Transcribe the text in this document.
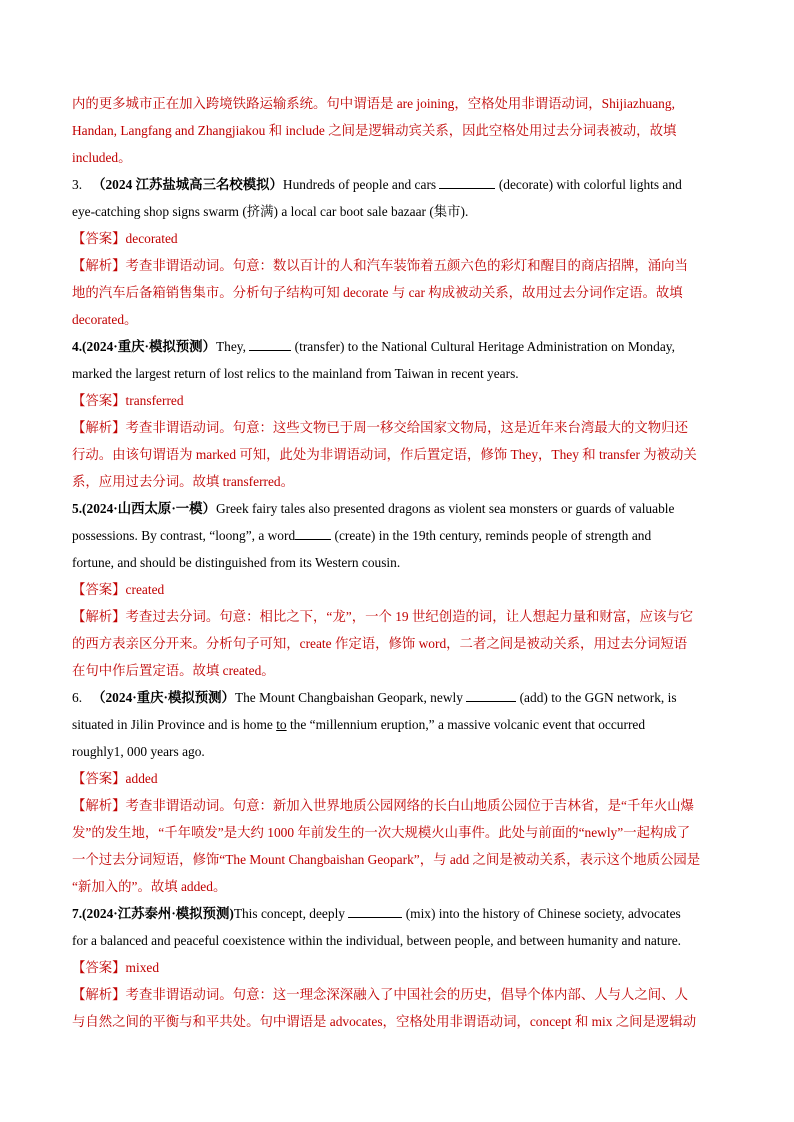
内的更多城市正在加入跨境铁路运输系统。句中谓语是 are joining，空格处用非谓语动词，Shijiazhuang,

Handan, Langfang and Zhangjiakou 和 include 之间是逻辑动宾关系，因此空格处用过去分词表被动，故填

included。

3. （2024 江苏盐城高三名校模拟）Hundreds of people and cars	(decorate) with colorful lights and

eye-catching shop signs swarm (挤满) a local car boot sale bazaar (集市).

【答案】decorated

【解析】考查非谓语动词。句意：数以百计的人和汽车装饰着五颜六色的彩灯和醒目的商店招牌，涌向当

地的汽车后备箱销售集市。分析句子结构可知 decorate 与 car 构成被动关系，故用过去分词作定语。故填

decorated。

4.(2024·重庆·模拟预测）They,	(transfer) to the National Cultural Heritage Administration on Monday,

marked the largest return of lost relics to the mainland from Taiwan in recent years.

【答案】transferred

【解析】考查非谓语动词。句意：这些文物已于周一移交给国家文物局，这是近年来台湾最大的文物归还

行动。由该句谓语为 marked 可知，此处为非谓语动词，作后置定语，修饰 They，They 和 transfer 为被动关

系，应用过去分词。故填 transferred。

5.(2024·山西太原·一模）Greek fairy tales also presented dragons as violent sea monsters or guards of valuable

possessions. By contrast, “loong”, a word	(create) in the 19th century, reminds people of strength and

fortune, and should be distinguished from its Western cousin.

【答案】created

【解析】考查过去分词。句意：相比之下，“龙”，一个 19 世纪创造的词，让人想起力量和财富，应该与它

的西方表亲区分开来。分析句子可知，create 作定语，修饰 word，二者之间是被动关系，用过去分词短语

在句中作后置定语。故填 created。

6. （2024·重庆·模拟预测）The Mount Changbaishan Geopark, newly	(add) to the GGN network, is

situated in Jilin Province and is home to the “millennium eruption,” a massive volcanic event that occurred

roughly1, 000 years ago.

【答案】added

【解析】考查非谓语动词。句意：新加入世界地质公园网络的长白山地质公园位于吉林省，是“千年火山爆

发”的发生地，“千年喷发”是大约 1000 年前发生的一次大规模火山事件。此处与前面的“newly”一起构成了

一个过去分词短语，修饰“The Mount Changbaishan Geopark”，与 add 之间是被动关系，表示这个地质公园是

“新加入的”。故填 added。

7.(2024·江苏泰州·模拟预测)This concept, deeply	(mix) into the history of Chinese society, advocates

for a balanced and peaceful coexistence within the individual, between people, and between humanity and nature.

【答案】mixed

【解析】考查非谓语动词。句意：这一理念深深融入了中国社会的历史，倡导个体内部、人与人之间、人

与自然之间的平衡与和平共处。句中谓语是 advocates，空格处用非谓语动词，concept 和 mix 之间是逻辑动
